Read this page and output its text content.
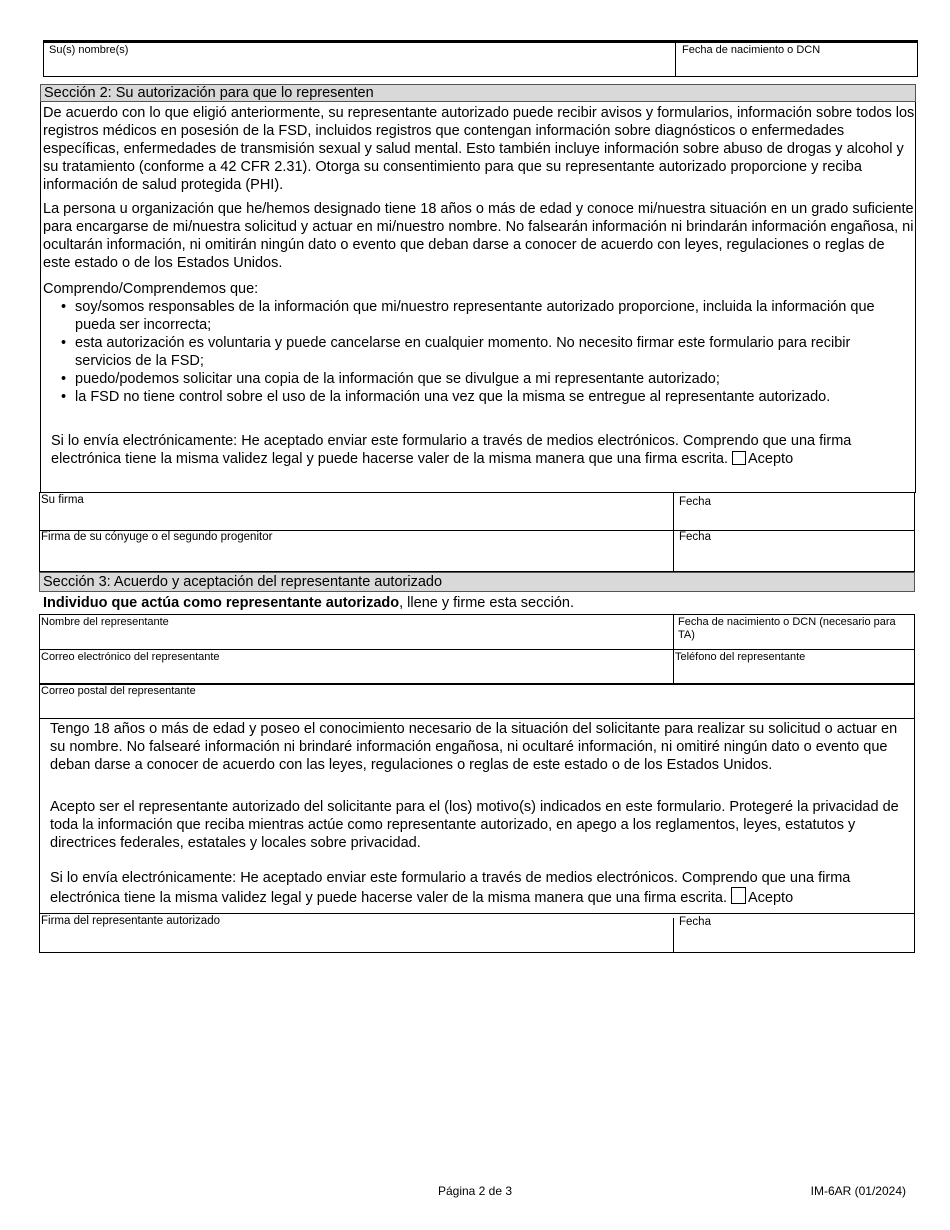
Su(s) nombre(s)	Fecha de nacimiento o DCN
Sección 2: Su autorización para que lo representen

De acuerdo con lo que eligió anteriormente, su representante autorizado puede recibir avisos y formularios, información sobre todos los registros médicos en posesión de la FSD, incluidos registros que contengan información sobre diagnósticos o enfermedades específicas, enfermedades de transmisión sexual y salud mental. Esto también incluye información sobre abuso de drogas y alcohol y su tratamiento (conforme a 42 CFR 2.31). Otorga su consentimiento para que su representante autorizado proporcione y reciba información de salud protegida (PHI).

La persona u organización que he/hemos designado tiene 18 años o más de edad y conoce mi/nuestra situación en un grado suficiente para encargarse de mi/nuestra solicitud y actuar en mi/nuestro nombre. No falsearán información ni brindarán información engañosa, ni ocultarán información, ni omitirán ningún dato o evento que deban darse a conocer de acuerdo con leyes, regulaciones o reglas de este estado o de los Estados Unidos.

Comprendo/Comprendemos que:

• soy/somos responsables de la información que mi/nuestro representante autorizado proporcione, incluida la información que pueda ser incorrecta;
• esta autorización es voluntaria y puede cancelarse en cualquier momento. No necesito firmar este formulario para recibir servicios de la FSD;
• puedo/podemos solicitar una copia de la información que se divulgue a mi representante autorizado;
• la FSD no tiene control sobre el uso de la información una vez que la misma se entregue al representante autorizado.

Si lo envía electrónicamente: He aceptado enviar este formulario a través de medios electrónicos. Comprendo que una firma electrónica tiene la misma validez legal y puede hacerse valer de la misma manera que una firma escrita. Acepto

Su firma	Fecha
Firma de su cónyuge o el segundo progenitor	Fecha
Sección 3: Acuerdo y aceptación del representante autorizado
Individuo que actúa como representante autorizado, llene y firme esta sección.
Nombre del representante	Fecha de nacimiento o DCN (necesario para TA)
Correo electrónico del representante	Teléfono del representante
Correo postal del representante

Tengo 18 años o más de edad y poseo el conocimiento necesario de la situación del solicitante para realizar su solicitud o actuar en su nombre. No falsearé información ni brindaré información engañosa, ni ocultaré información, ni omitiré ningún dato o evento que deban darse a conocer de acuerdo con las leyes, regulaciones o reglas de este estado o de los Estados Unidos.

Acepto ser el representante autorizado del solicitante para el (los) motivo(s) indicados en este formulario. Protegeré la privacidad de toda la información que reciba mientras actúe como representante autorizado, en apego a los reglamentos, leyes, estatutos y directrices federales, estatales y locales sobre privacidad.

Si lo envía electrónicamente: He aceptado enviar este formulario a través de medios electrónicos. Comprendo que una firma electrónica tiene la misma validez legal y puede hacerse valer de la misma manera que una firma escrita. Acepto

Firma del representante autorizado	Fecha
Página 2 de 3	IM-6AR (01/2024)
